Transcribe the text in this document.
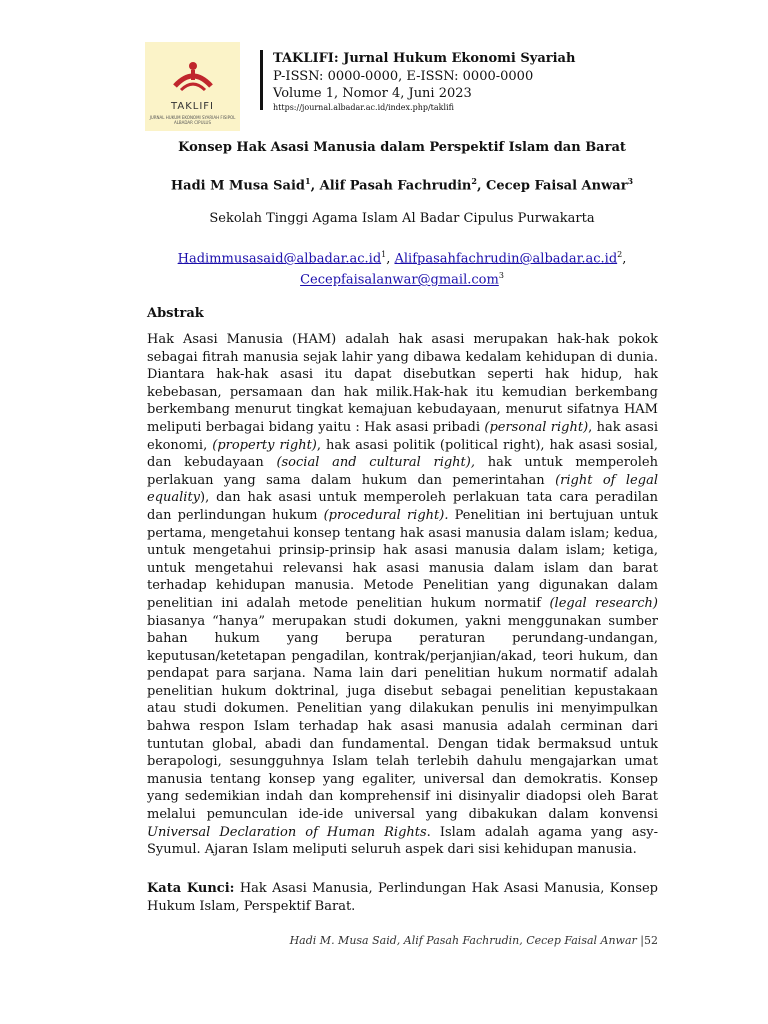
TAKLIFI
JURNAL HUKUM EKONOMI SYARIAH FISIPOL ALBADAR CIPULUS
TAKLIFI: Jurnal Hukum Ekonomi Syariah
P-ISSN: 0000-0000, E-ISSN: 0000-0000
Volume 1, Nomor 4, Juni 2023
https://journal.albadar.ac.id/index.php/taklifi
Konsep Hak Asasi Manusia dalam Perspektif Islam dan Barat
Hadi M Musa Said$^1$, Alif Pasah Fachrudin$^2$, Cecep Faisal Anwar$^3$
Sekolah Tinggi Agama Islam Al Badar Cipulus Purwakarta
$Hadimmusasaid@albadar.ac.id^1$, $Alifpasahfachrudin@albadar.ac.id^2$,
Cecepfaisalanwar@gmail.com$^3$
Abstrak

Hak Asasi Manusia (HAM) adalah hak asasi merupakan hak-hak pokok sebagai fitrah manusia sejak lahir yang dibawa kedalam kehidupan di dunia. Diantara hak-hak asasi itu dapat disebutkan seperti hak hidup, hak kebebasan, persamaan dan hak milik.Hak-hak itu kemudian berkembang berkembang menurut tingkat kemajuan kebudayaan, menurut sifatnya HAM meliputi berbagai bidang yaitu : Hak asasi pribadi (personal right), hak asasi ekonomi, (property right), hak asasi politik (political right), hak asasi sosial, dan kebudayaan (social and cultural right), hak untuk memperoleh perlakuan yang sama dalam hukum dan pemerintahan (right of legal equality), dan hak asasi untuk memperoleh perlakuan tata cara peradilan dan perlindungan hukum (procedural right). Penelitian ini bertujuan untuk pertama, mengetahui konsep tentang hak asasi manusia dalam islam; kedua, untuk mengetahui prinsip-prinsip hak asasi manusia dalam islam; ketiga, untuk mengetahui relevansi hak asasi manusia dalam islam dan barat terhadap kehidupan manusia. Metode Penelitian yang digunakan dalam penelitian ini adalah metode penelitian hukum normatif (legal research) biasanya “hanya” merupakan studi dokumen, yakni menggunakan sumber bahan hukum yang berupa peraturan perundang-undangan, keputusan/ketetapan pengadilan, kontrak/perjanjian/akad, teori hukum, dan pendapat para sarjana. Nama lain dari penelitian hukum normatif adalah penelitian hukum doktrinal, juga disebut sebagai penelitian kepustakaan atau studi dokumen. Penelitian yang dilakukan penulis ini menyimpulkan bahwa respon Islam terhadap hak asasi manusia adalah cerminan dari tuntutan global, abadi dan fundamental. Dengan tidak bermaksud untuk berapologi, sesungguhnya Islam telah terlebih dahulu mengajarkan umat manusia tentang konsep yang egaliter, universal dan demokratis. Konsep yang sedemikian indah dan komprehensif ini disinyalir diadopsi oleh Barat melalui pemunculan ide-ide universal yang dibakukan dalam konvensi Universal Declaration of Human Rights. Islam adalah agama yang asy-Syumul. Ajaran Islam meliputi seluruh aspek dari sisi kehidupan manusia.

Kata Kunci: Hak Asasi Manusia, Perlindungan Hak Asasi Manusia, Konsep Hukum Islam, Perspektif Barat.
Hadi M. Musa Said, Alif Pasah Fachrudin, Cecep Faisal Anwar |52
